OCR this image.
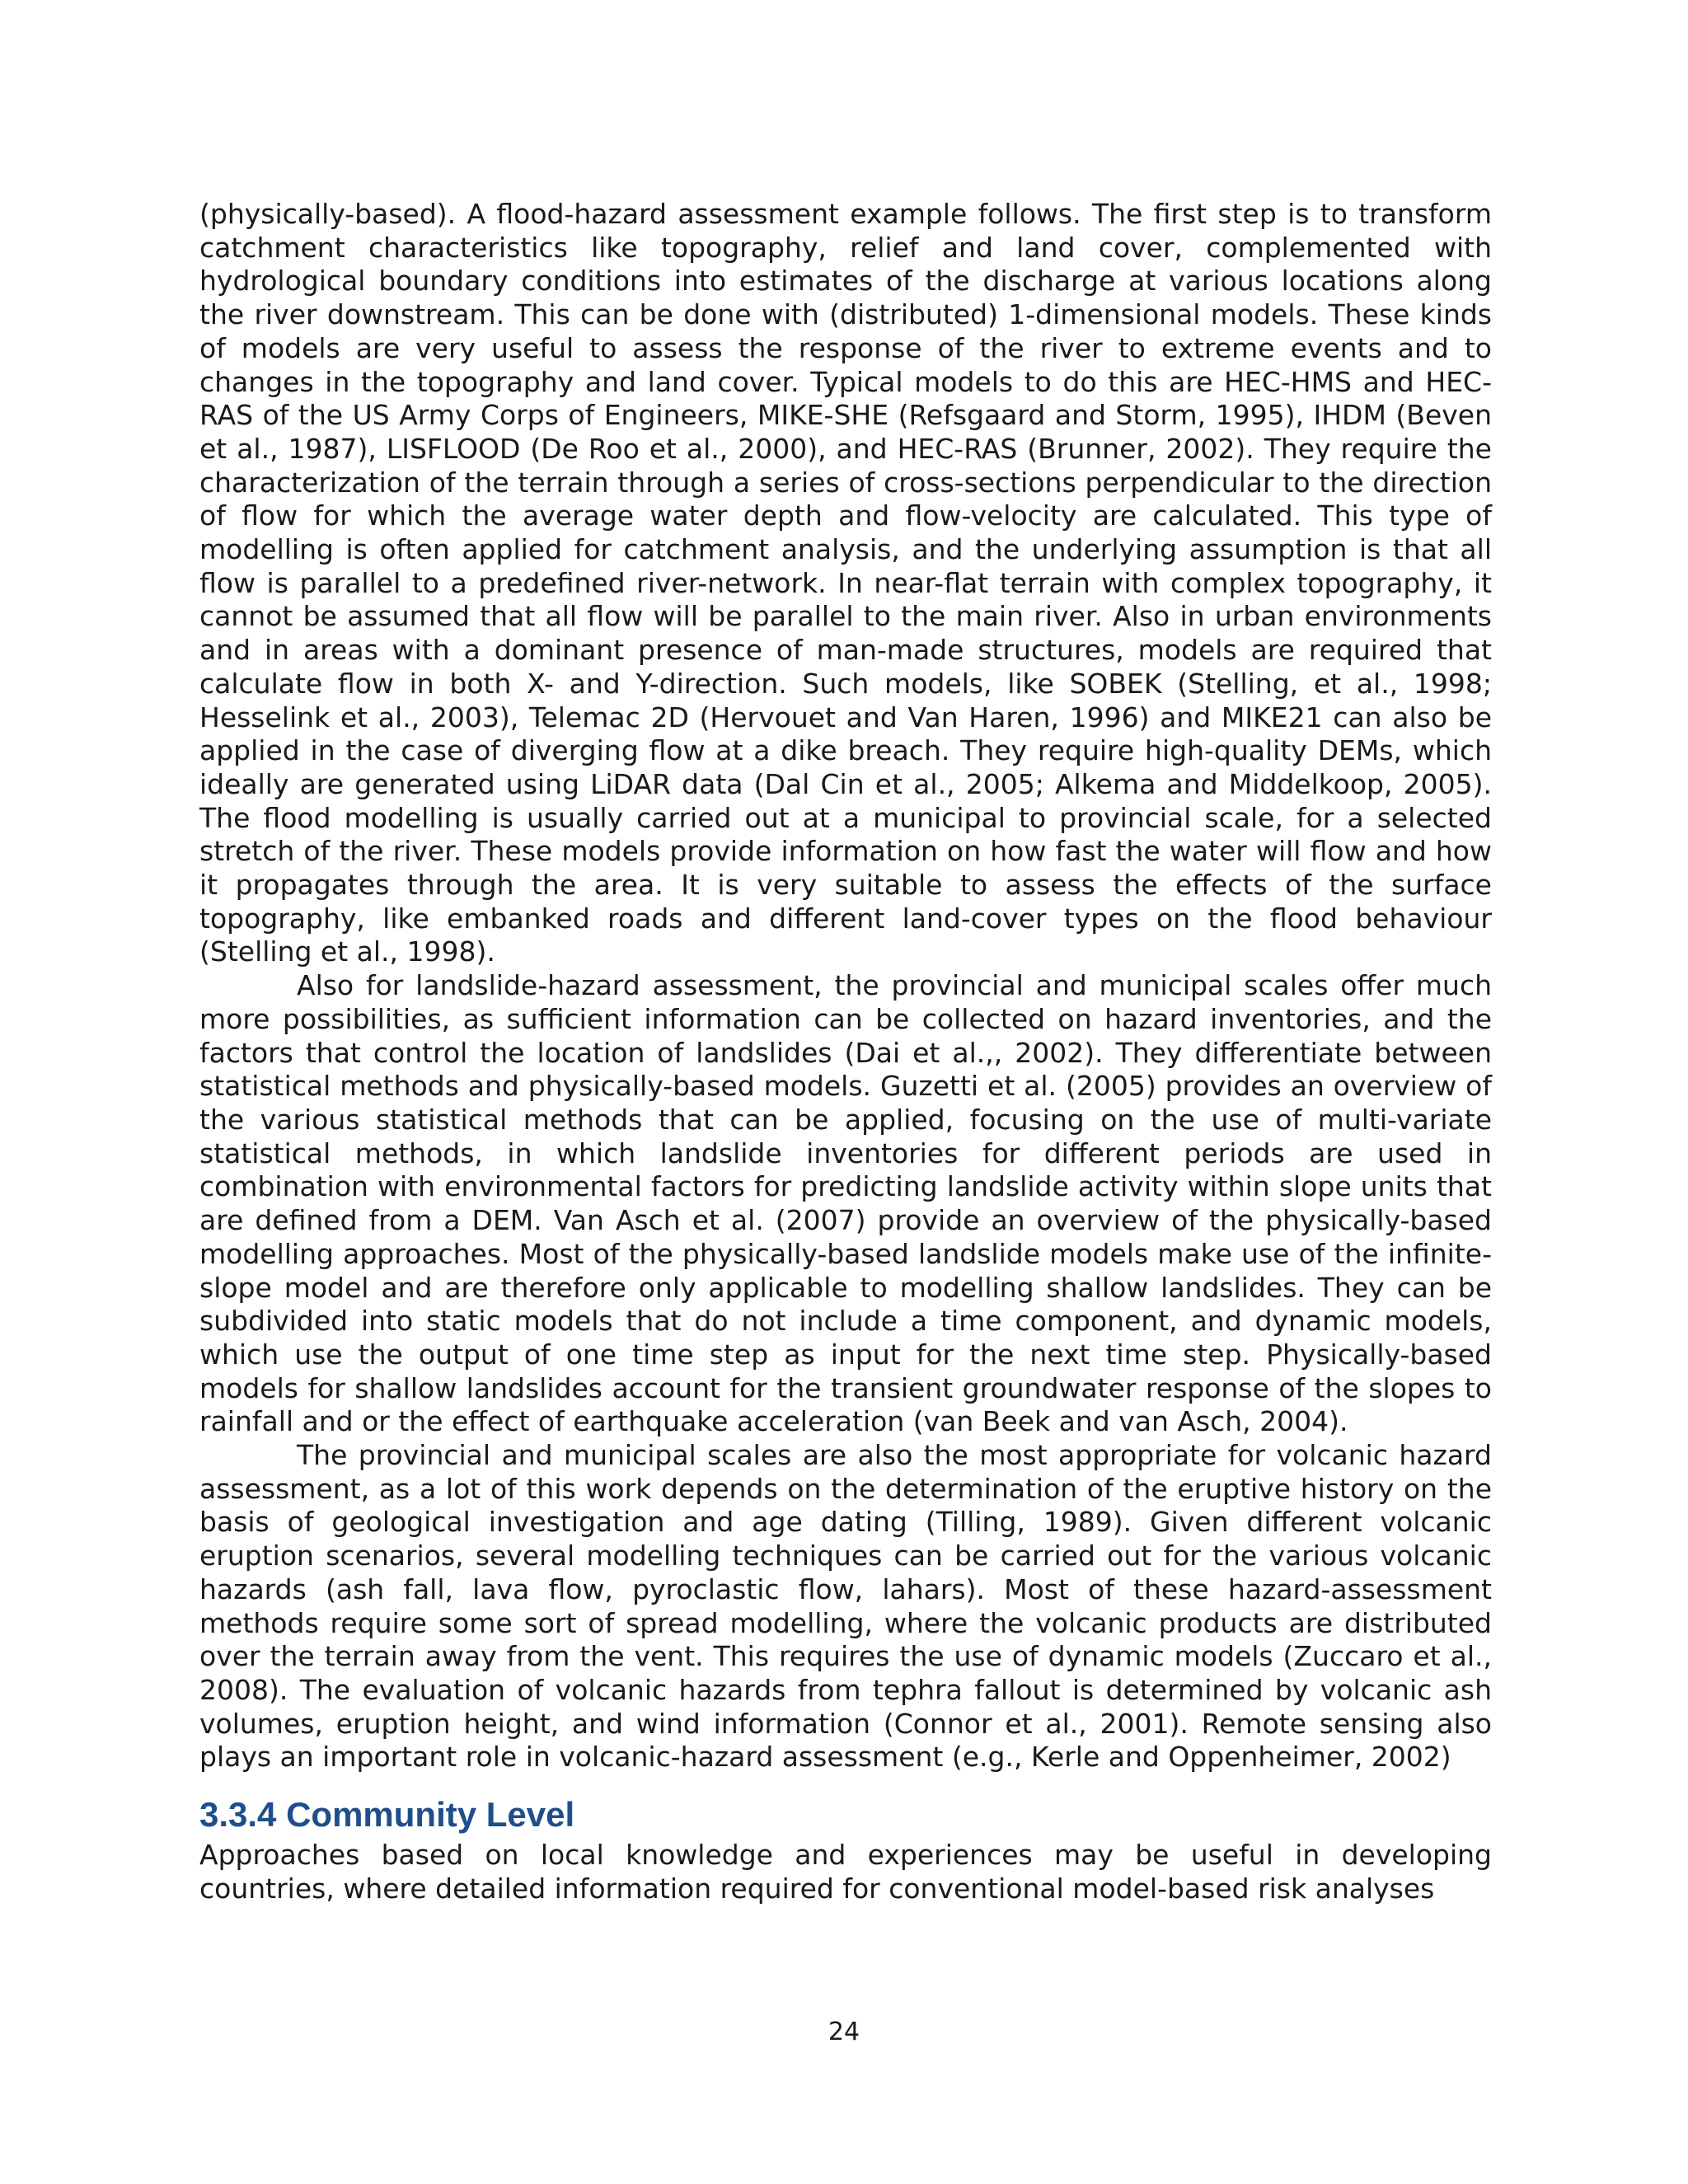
(physically-based). A flood-hazard assessment example follows. The first step is to transform catchment characteristics like topography, relief and land cover, complemented with hydrological boundary conditions into estimates of the discharge at various locations along the river downstream. This can be done with (distributed) 1-dimensional models. These kinds of models are very useful to assess the response of the river to extreme events and to changes in the topography and land cover. Typical models to do this are HEC-HMS and HEC-RAS of the US Army Corps of Engineers, MIKE-SHE (Refsgaard and Storm, 1995), IHDM (Beven et al., 1987), LISFLOOD (De Roo et al., 2000), and HEC-RAS (Brunner, 2002). They require the characterization of the terrain through a series of cross-sections perpendicular to the direction of flow for which the average water depth and flow-velocity are calculated. This type of modelling is often applied for catchment analysis, and the underlying assumption is that all flow is parallel to a predefined river-network. In near-flat terrain with complex topography, it cannot be assumed that all flow will be parallel to the main river. Also in urban environments and in areas with a dominant presence of man-made structures, models are required that calculate flow in both X- and Y-direction. Such models, like SOBEK (Stelling, et al., 1998; Hesselink et al., 2003), Telemac 2D (Hervouet and Van Haren, 1996) and MIKE21 can also be applied in the case of diverging flow at a dike breach. They require high-quality DEMs, which ideally are generated using LiDAR data (Dal Cin et al., 2005; Alkema and Middelkoop, 2005). The flood modelling is usually carried out at a municipal to provincial scale, for a selected stretch of the river. These models provide information on how fast the water will flow and how it propagates through the area. It is very suitable to assess the effects of the surface topography, like embanked roads and different land-cover types on the flood behaviour (Stelling et al., 1998).

Also for landslide-hazard assessment, the provincial and municipal scales offer much more possibilities, as sufficient information can be collected on hazard inventories, and the factors that control the location of landslides (Dai et al.,, 2002). They differentiate between statistical methods and physically-based models. Guzetti et al. (2005) provides an overview of the various statistical methods that can be applied, focusing on the use of multi-variate statistical methods, in which landslide inventories for different periods are used in combination with environmental factors for predicting landslide activity within slope units that are defined from a DEM. Van Asch et al. (2007) provide an overview of the physically-based modelling approaches. Most of the physically-based landslide models make use of the infinite-slope model and are therefore only applicable to modelling shallow landslides. They can be subdivided into static models that do not include a time component, and dynamic models, which use the output of one time step as input for the next time step. Physically-based models for shallow landslides account for the transient groundwater response of the slopes to rainfall and or the effect of earthquake acceleration (van Beek and van Asch, 2004).

The provincial and municipal scales are also the most appropriate for volcanic hazard assessment, as a lot of this work depends on the determination of the eruptive history on the basis of geological investigation and age dating (Tilling, 1989). Given different volcanic eruption scenarios, several modelling techniques can be carried out for the various volcanic hazards (ash fall, lava flow, pyroclastic flow, lahars). Most of these hazard-assessment methods require some sort of spread modelling, where the volcanic products are distributed over the terrain away from the vent. This requires the use of dynamic models (Zuccaro et al., 2008). The evaluation of volcanic hazards from tephra fallout is determined by volcanic ash volumes, eruption height, and wind information (Connor et al., 2001). Remote sensing also plays an important role in volcanic-hazard assessment (e.g., Kerle and Oppenheimer, 2002)

3.3.4 Community Level

Approaches based on local knowledge and experiences may be useful in developing countries, where detailed information required for conventional model-based risk analyses

24
